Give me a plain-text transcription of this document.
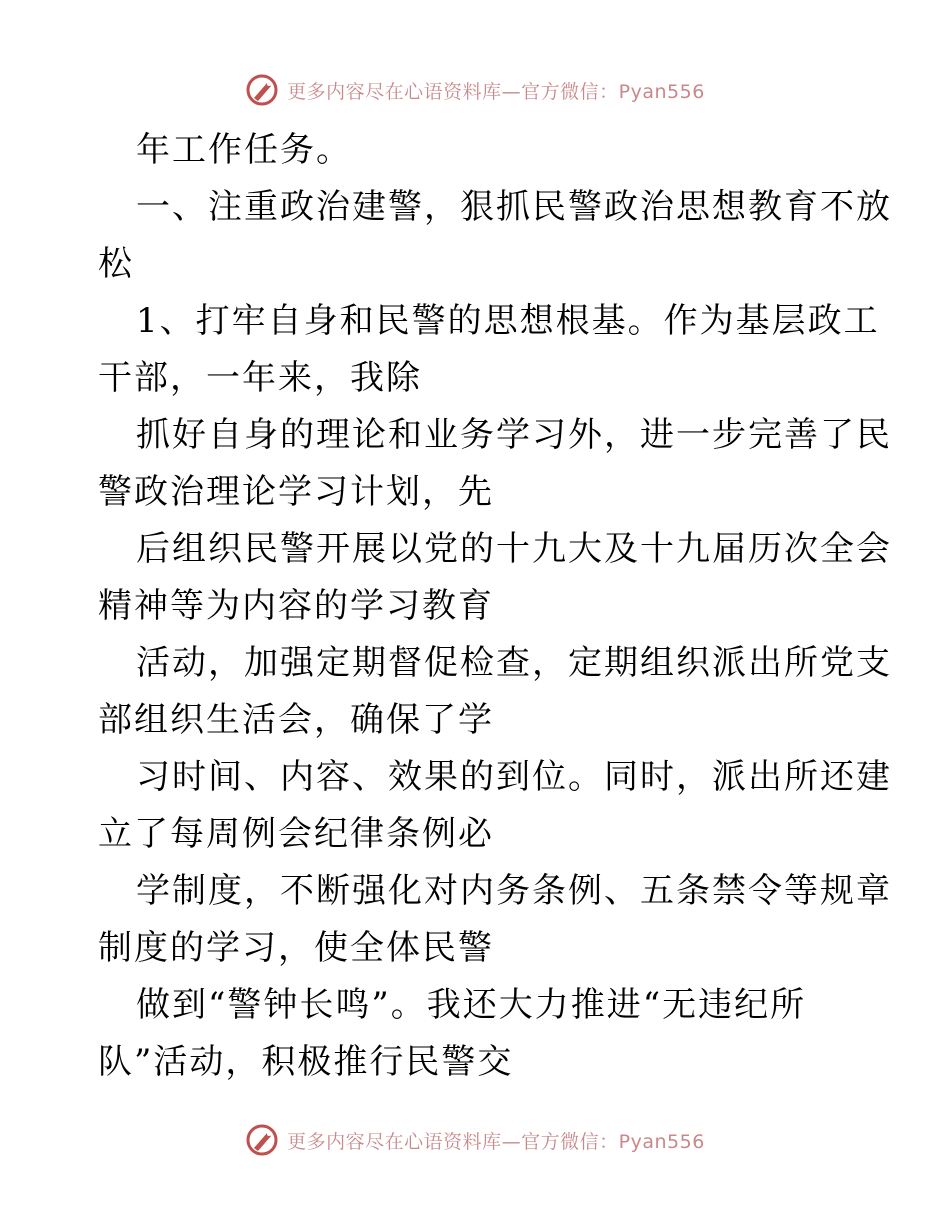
更多内容尽在心语资料库—官方微信：Pyan556

年工作任务。

一、注重政治建警，狠抓民警政治思想教育不放

松

1、打牢自身和民警的思想根基。作为基层政工

干部，一年来，我除

抓好自身的理论和业务学习外，进一步完善了民

警政治理论学习计划，先

后组织民警开展以党的十九大及十九届历次全会

精神等为内容的学习教育

活动，加强定期督促检查，定期组织派出所党支

部组织生活会，确保了学

习时间、内容、效果的到位。同时，派出所还建

立了每周例会纪律条例必

学制度，不断强化对内务条例、五条禁令等规章

制度的学习，使全体民警

做到“警钟长鸣”。我还大力推进“无违纪所

队”活动，积极推行民警交

更多内容尽在心语资料库—官方微信：Pyan556
